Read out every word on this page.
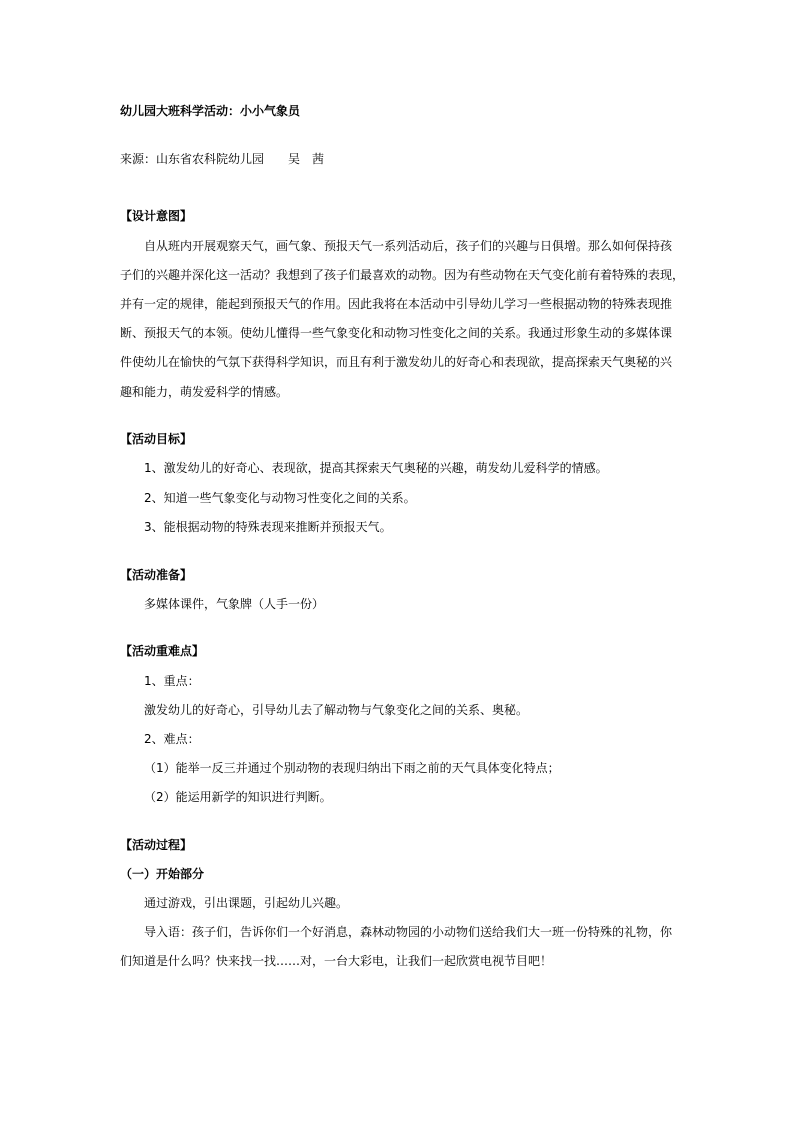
幼儿园大班科学活动：小小气象员
来源：山东省农科院幼儿园　　吴　茜
【设计意图】
自从班内开展观察天气，画气象、预报天气一系列活动后，孩子们的兴趣与日俱增。那么如何保持孩
子们的兴趣并深化这一活动？我想到了孩子们最喜欢的动物。因为有些动物在天气变化前有着特殊的表现，
并有一定的规律，能起到预报天气的作用。因此我将在本活动中引导幼儿学习一些根据动物的特殊表现推
断、预报天气的本领。使幼儿懂得一些气象变化和动物习性变化之间的关系。我通过形象生动的多媒体课
件使幼儿在愉快的气氛下获得科学知识，而且有利于激发幼儿的好奇心和表现欲，提高探索天气奥秘的兴
趣和能力，萌发爱科学的情感。
【活动目标】
1、激发幼儿的好奇心、表现欲，提高其探索天气奥秘的兴趣，萌发幼儿爱科学的情感。
2、知道一些气象变化与动物习性变化之间的关系。
3、能根据动物的特殊表现来推断并预报天气。
【活动准备】
多媒体课件，气象牌（人手一份）
【活动重难点】
1、重点：
激发幼儿的好奇心，引导幼儿去了解动物与气象变化之间的关系、奥秘。
2、难点：
（1）能举一反三并通过个别动物的表现归纳出下雨之前的天气具体变化特点；
（2）能运用新学的知识进行判断。
【活动过程】
（一）开始部分
通过游戏，引出课题，引起幼儿兴趣。
导入语：孩子们，告诉你们一个好消息，森林动物园的小动物们送给我们大一班一份特殊的礼物，你
们知道是什么吗？快来找一找……对，一台大彩电，让我们一起欣赏电视节目吧！
